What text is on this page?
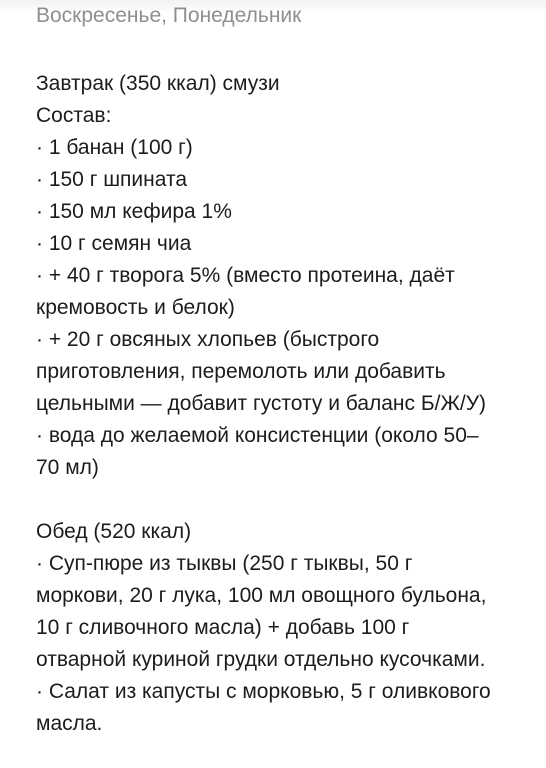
Воскресенье, Понедельник
Завтрак (350 ккал) смузи
Состав:
· 1 банан (100 г)
· 150 г шпината
· 150 мл кефира 1%
· 10 г семян чиа
· + 40 г творога 5% (вместо протеина, даёт
кремовость и белок)
· + 20 г овсяных хлопьев (быстрого
приготовления, перемолоть или добавить
цельными — добавит густоту и баланс Б/Ж/У)
· вода до желаемой консистенции (около 50–
70 мл)
Обед (520 ккал)
· Суп-пюре из тыквы (250 г тыквы, 50 г
моркови, 20 г лука, 100 мл овощного бульона,
10 г сливочного масла) + добавь 100 г
отварной куриной грудки отдельно кусочками.
· Салат из капусты с морковью, 5 г оливкового
масла.
